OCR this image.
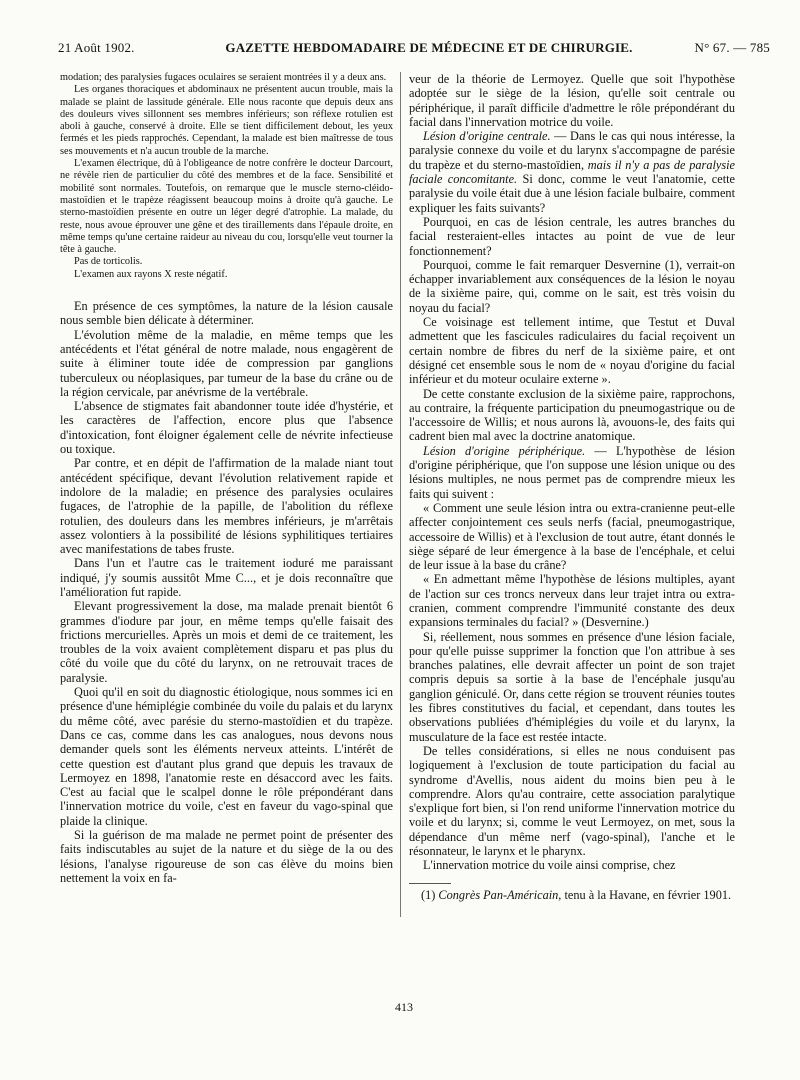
21 Août 1902.	GAZETTE HEBDOMADAIRE DE MÉDECINE ET DE CHIRURGIE.	N° 67. — 785

modation; des paralysies fugaces oculaires se seraient montrées il y a deux ans.

Les organes thoraciques et abdominaux ne présentent aucun trouble, mais la malade se plaint de lassitude générale. Elle nous raconte que depuis deux ans des douleurs vives sillonnent ses membres inférieurs; son réflexe rotulien est aboli à gauche, conservé à droite. Elle se tient difficilement debout, les yeux fermés et les pieds rapprochés. Cependant, la malade est bien maîtresse de tous ses mouvements et n'a aucun trouble de la marche.

L'examen électrique, dû à l'obligeance de notre confrère le docteur Darcourt, ne révèle rien de particulier du côté des membres et de la face. Sensibilité et mobilité sont normales. Toutefois, on remarque que le muscle sterno-cléido-mastoïdien et le trapèze réagissent beaucoup moins à droite qu'à gauche. Le sterno-mastoïdien présente en outre un léger degré d'atrophie. La malade, du reste, nous avoue éprouver une gêne et des tiraillements dans l'épaule droite, en même temps qu'une certaine raideur au niveau du cou, lorsqu'elle veut tourner la tête à gauche.

Pas de torticolis.

L'examen aux rayons X reste négatif.

En présence de ces symptômes, la nature de la lésion causale nous semble bien délicate à déterminer.

L'évolution même de la maladie, en même temps que les antécédents et l'état général de notre malade, nous engagèrent de suite à éliminer toute idée de compression par ganglions tuberculeux ou néoplasiques, par tumeur de la base du crâne ou de la région cervicale, par anévrisme de la vertébrale.

L'absence de stigmates fait abandonner toute idée d'hystérie, et les caractères de l'affection, encore plus que l'absence d'intoxication, font éloigner également celle de névrite infectieuse ou toxique.

Par contre, et en dépit de l'affirmation de la malade niant tout antécédent spécifique, devant l'évolution relativement rapide et indolore de la maladie; en présence des paralysies oculaires fugaces, de l'atrophie de la papille, de l'abolition du réflexe rotulien, des douleurs dans les membres inférieurs, je m'arrêtais assez volontiers à la possibilité de lésions syphilitiques tertiaires avec manifestations de tabes fruste.

Dans l'un et l'autre cas le traitement ioduré me paraissant indiqué, j'y soumis aussitôt Mme C..., et je dois reconnaître que l'amélioration fut rapide.

Elevant progressivement la dose, ma malade prenait bientôt 6 grammes d'iodure par jour, en même temps qu'elle faisait des frictions mercurielles. Après un mois et demi de ce traitement, les troubles de la voix avaient complètement disparu et pas plus du côté du voile que du côté du larynx, on ne retrouvait traces de paralysie.

Quoi qu'il en soit du diagnostic étiologique, nous sommes ici en présence d'une hémiplégie combinée du voile du palais et du larynx du même côté, avec parésie du sterno-mastoïdien et du trapèze. Dans ce cas, comme dans les cas analogues, nous devons nous demander quels sont les éléments nerveux atteints. L'intérêt de cette question est d'autant plus grand que depuis les travaux de Lermoyez en 1898, l'anatomie reste en désaccord avec les faits. C'est au facial que le scalpel donne le rôle prépondérant dans l'innervation motrice du voile, c'est en faveur du vago-spinal que plaide la clinique.

Si la guérison de ma malade ne permet point de présenter des faits indiscutables au sujet de la nature et du siège de la ou des lésions, l'analyse rigoureuse de son cas élève du moins bien nettement la voix en fa-

veur de la théorie de Lermoyez. Quelle que soit l'hypothèse adoptée sur le siège de la lésion, qu'elle soit centrale ou périphérique, il paraît difficile d'admettre le rôle prépondérant du facial dans l'innervation motrice du voile.

Lésion d'origine centrale. — Dans le cas qui nous intéresse, la paralysie connexe du voile et du larynx s'accompagne de parésie du trapèze et du sterno-mastoïdien, mais il n'y a pas de paralysie faciale concomitante. Si donc, comme le veut l'anatomie, cette paralysie du voile était due à une lésion faciale bulbaire, comment expliquer les faits suivants?

Pourquoi, en cas de lésion centrale, les autres branches du facial resteraient-elles intactes au point de vue de leur fonctionnement?

Pourquoi, comme le fait remarquer Desvernine (1), verrait-on échapper invariablement aux conséquences de la lésion le noyau de la sixième paire, qui, comme on le sait, est très voisin du noyau du facial?

Ce voisinage est tellement intime, que Testut et Duval admettent que les fascicules radiculaires du facial reçoivent un certain nombre de fibres du nerf de la sixième paire, et ont désigné cet ensemble sous le nom de « noyau d'origine du facial inférieur et du moteur oculaire externe ».

De cette constante exclusion de la sixième paire, rapprochons, au contraire, la fréquente participation du pneumogastrique ou de l'accessoire de Willis; et nous aurons là, avouons-le, des faits qui cadrent bien mal avec la doctrine anatomique.

Lésion d'origine périphérique. — L'hypothèse de lésion d'origine périphérique, que l'on suppose une lésion unique ou des lésions multiples, ne nous permet pas de comprendre mieux les faits qui suivent :

« Comment une seule lésion intra ou extra-cranienne peut-elle affecter conjointement ces seuls nerfs (facial, pneumogastrique, accessoire de Willis) et à l'exclusion de tout autre, étant donnés le siège séparé de leur émergence à la base de l'encéphale, et celui de leur issue à la base du crâne?

« En admettant même l'hypothèse de lésions multiples, ayant de l'action sur ces troncs nerveux dans leur trajet intra ou extra-cranien, comment comprendre l'immunité constante des deux expansions terminales du facial? » (Desvernine.)

Si, réellement, nous sommes en présence d'une lésion faciale, pour qu'elle puisse supprimer la fonction que l'on attribue à ses branches palatines, elle devrait affecter un point de son trajet compris depuis sa sortie à la base de l'encéphale jusqu'au ganglion géniculé. Or, dans cette région se trouvent réunies toutes les fibres constitutives du facial, et cependant, dans toutes les observations publiées d'hémiplégies du voile et du larynx, la musculature de la face est restée intacte.

De telles considérations, si elles ne nous conduisent pas logiquement à l'exclusion de toute participation du facial au syndrome d'Avellis, nous aident du moins bien peu à le comprendre. Alors qu'au contraire, cette association paralytique s'explique fort bien, si l'on rend uniforme l'innervation motrice du voile et du larynx; si, comme le veut Lermoyez, on met, sous la dépendance d'un même nerf (vago-spinal), l'anche et le résonnateur, le larynx et le pharynx.

L'innervation motrice du voile ainsi comprise, chez

(1) Congrès Pan-Américain, tenu à la Havane, en février 1901.

413
